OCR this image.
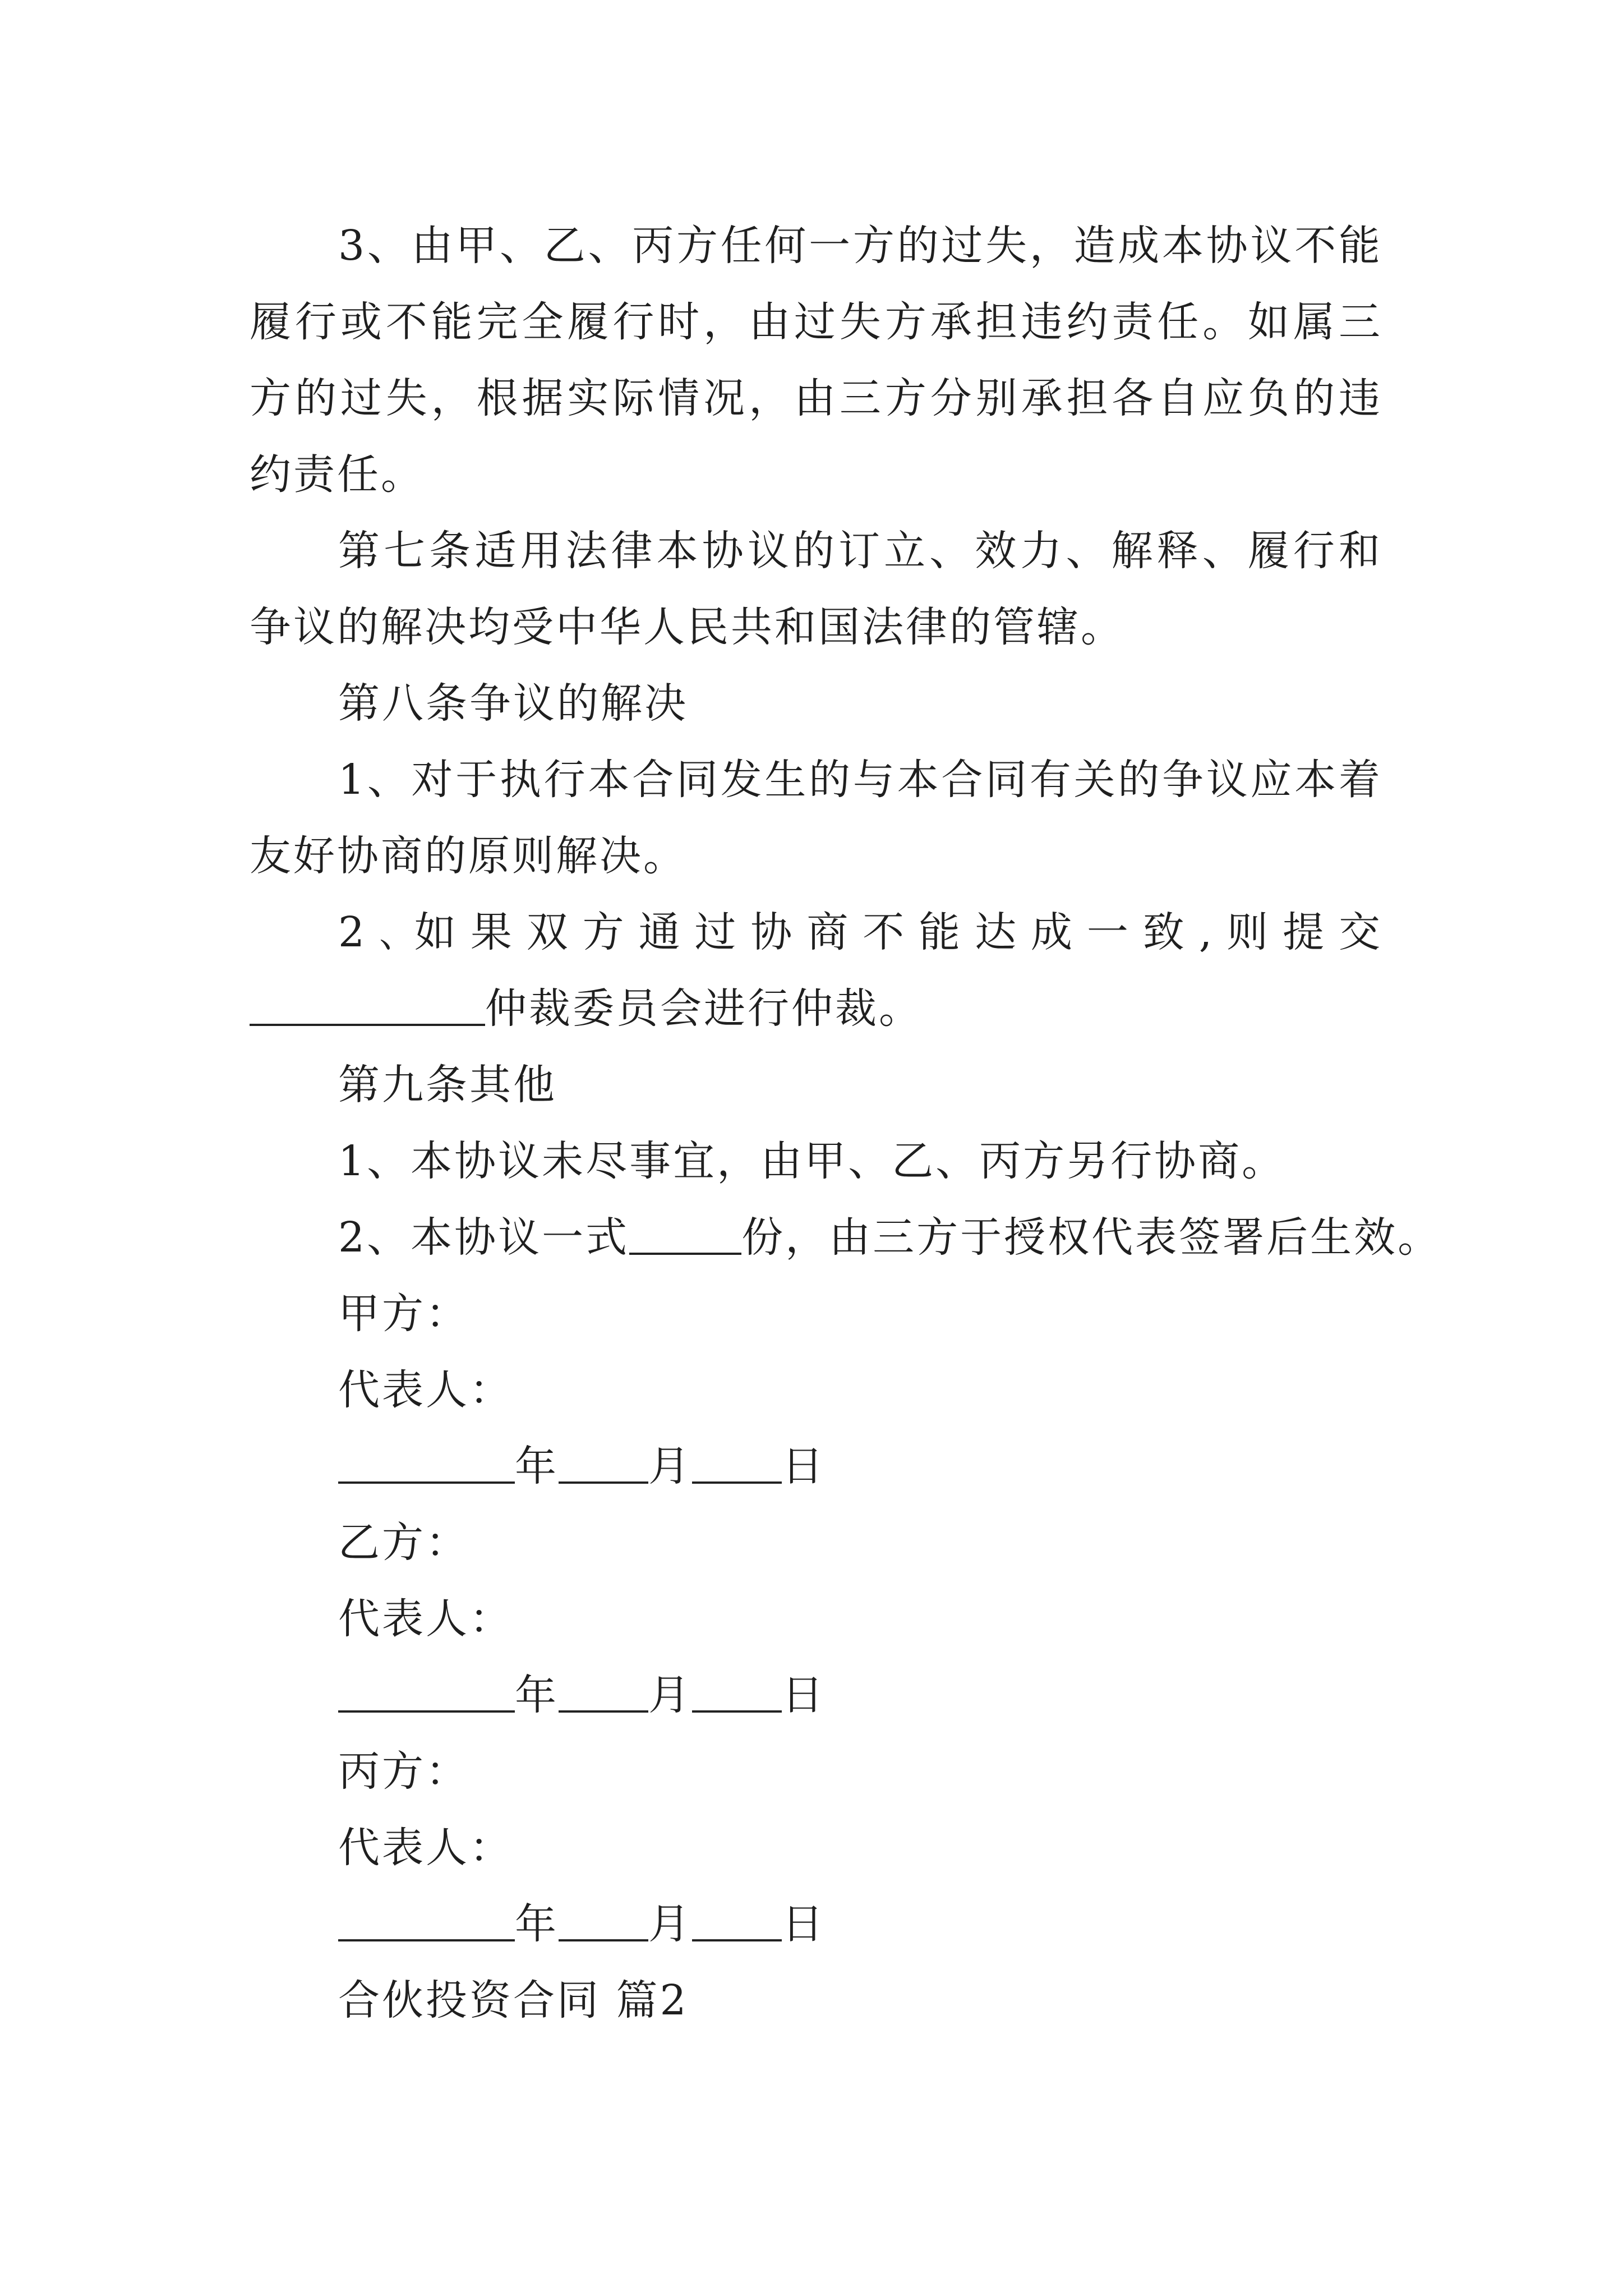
3、由甲、乙、丙方任何一方的过失，造成本协议不能履行或不能完全履行时，由过失方承担违约责任。如属三方的过失，根据实际情况，由三方分别承担各自应负的违约责任。

第七条适用法律本协议的订立、效力、解释、履行和争议的解决均受中华人民共和国法律的管辖。

第八条争议的解决

1、对于执行本合同发生的与本合同有关的争议应本着友好协商的原则解决。

2､如果双方通过协商不能达成一致,则提交仲裁委员会进行仲裁。

第九条其他

1、本协议未尽事宜，由甲、乙、丙方另行协商。

2、本协议一式	份，由三方于授权代表签署后生效。

甲方：

代表人：

年 月 日

乙方：

代表人：

年 月 日

丙方：

代表人：

年 月 日

合伙投资合同 篇2
